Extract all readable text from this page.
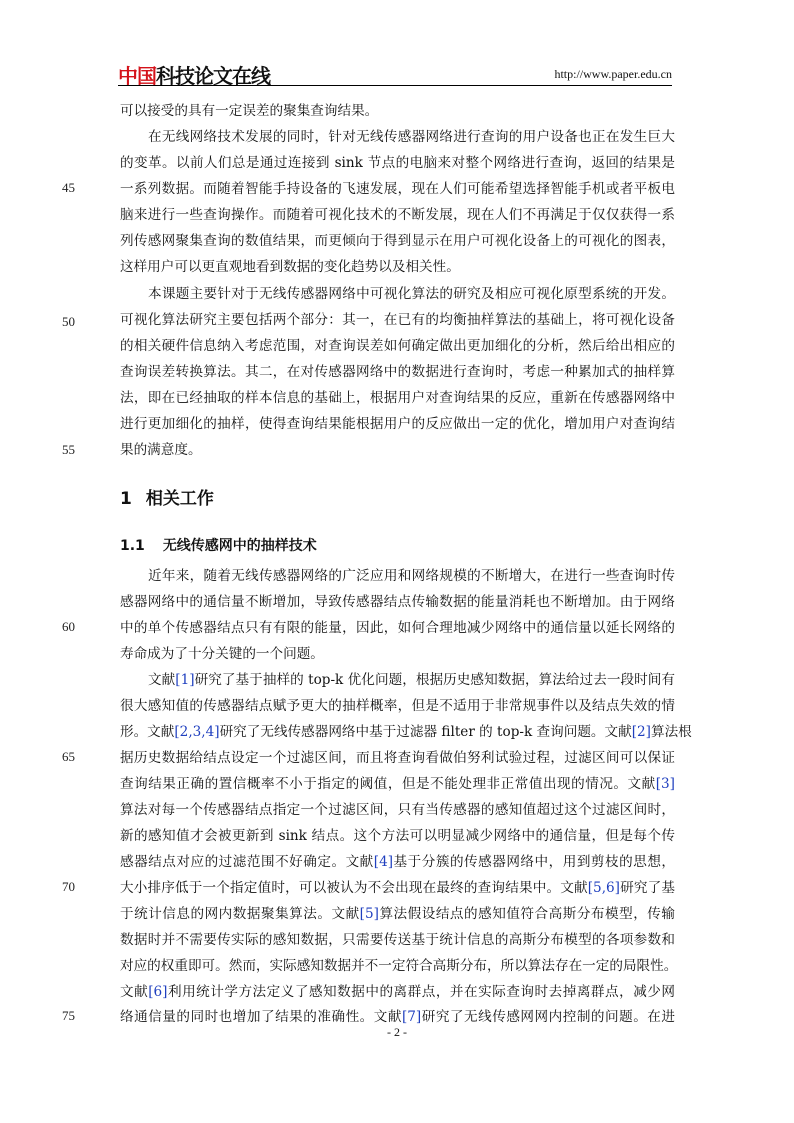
中国科技论文在线	http://www.paper.edu.cn
45
50
55
60
65
70
75
可以接受的具有一定误差的聚集查询结果。
在无线网络技术发展的同时，针对无线传感器网络进行查询的用户设备也正在发生巨大
的变革。以前人们总是通过连接到 sink 节点的电脑来对整个网络进行查询，返回的结果是
一系列数据。而随着智能手持设备的飞速发展，现在人们可能希望选择智能手机或者平板电
脑来进行一些查询操作。而随着可视化技术的不断发展，现在人们不再满足于仅仅获得一系
列传感网聚集查询的数值结果，而更倾向于得到显示在用户可视化设备上的可视化的图表，
这样用户可以更直观地看到数据的变化趋势以及相关性。
本课题主要针对于无线传感器网络中可视化算法的研究及相应可视化原型系统的开发。
可视化算法研究主要包括两个部分：其一，在已有的均衡抽样算法的基础上，将可视化设备
的相关硬件信息纳入考虑范围，对查询误差如何确定做出更加细化的分析，然后给出相应的
查询误差转换算法。其二，在对传感器网络中的数据进行查询时，考虑一种累加式的抽样算
法，即在已经抽取的样本信息的基础上，根据用户对查询结果的反应，重新在传感器网络中
进行更加细化的抽样，使得查询结果能根据用户的反应做出一定的优化，增加用户对查询结
果的满意度。
1 相关工作
1.1 无线传感网中的抽样技术
近年来，随着无线传感器网络的广泛应用和网络规模的不断增大，在进行一些查询时传
感器网络中的通信量不断增加，导致传感器结点传输数据的能量消耗也不断增加。由于网络
中的单个传感器结点只有有限的能量，因此，如何合理地减少网络中的通信量以延长网络的
寿命成为了十分关键的一个问题。
文献[1]研究了基于抽样的 top-k 优化问题，根据历史感知数据，算法给过去一段时间有
很大感知值的传感器结点赋予更大的抽样概率，但是不适用于非常规事件以及结点失效的情
形。文献[2,3,4]研究了无线传感器网络中基于过滤器 filter 的 top-k 查询问题。文献[2]算法根
据历史数据给结点设定一个过滤区间，而且将查询看做伯努利试验过程，过滤区间可以保证
查询结果正确的置信概率不小于指定的阈值，但是不能处理非正常值出现的情况。文献[3]
算法对每一个传感器结点指定一个过滤区间，只有当传感器的感知值超过这个过滤区间时，
新的感知值才会被更新到 sink 结点。这个方法可以明显减少网络中的通信量，但是每个传
感器结点对应的过滤范围不好确定。文献[4]基于分簇的传感器网络中，用到剪枝的思想，
大小排序低于一个指定值时，可以被认为不会出现在最终的查询结果中。文献[5,6]研究了基
于统计信息的网内数据聚集算法。文献[5]算法假设结点的感知值符合高斯分布模型，传输
数据时并不需要传实际的感知数据，只需要传送基于统计信息的高斯分布模型的各项参数和
对应的权重即可。然而，实际感知数据并不一定符合高斯分布，所以算法存在一定的局限性。
文献[6]利用统计学方法定义了感知数据中的离群点，并在实际查询时去掉离群点，减少网
络通信量的同时也增加了结果的准确性。文献[7]研究了无线传感网网内控制的问题。在进
- 2 -
